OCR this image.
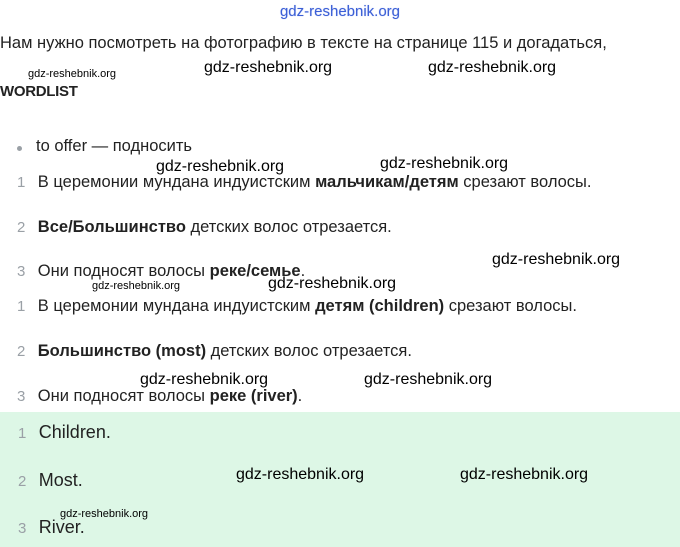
gdz-reshebnik.org
Нам нужно посмотреть на фотографию в тексте на странице 115 и догадаться,
WORDLIST
to offer — подносить
1 В церемонии мундана индуистским мальчикам/детям срезают волосы.
2 Все/Большинство детских волос отрезается.
3 Они подносят волосы реке/семье.
1 В церемонии мундана индуистским детям (children) срезают волосы.
2 Большинство (most) детских волос отрезается.
3 Они подносят волосы реке (river).
1 Children.
2 Most.
3 River.
gdz-reshebnik.org	gdz-reshebnik.org	gdz-reshebnik.org
gdz-reshebnik.org	gdz-reshebnik.org
gdz-reshebnik.org
gdz-reshebnik.org	gdz-reshebnik.org
gdz-reshebnik.org	gdz-reshebnik.org
gdz-reshebnik.org	gdz-reshebnik.org
gdz-reshebnik.org
